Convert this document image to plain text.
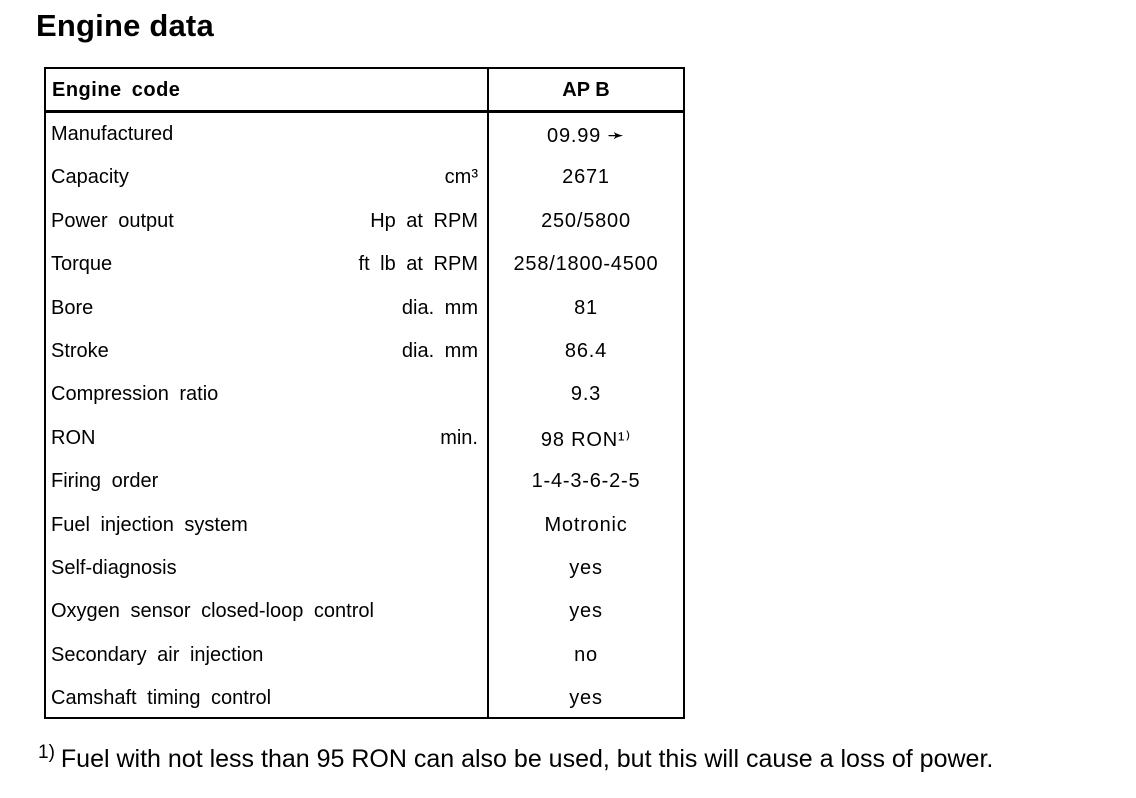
Engine data
Engine code	AP B
Manufactured	09.99 ➛
Capacity	cm³	2671
Power output	Hp at RPM	250/5800
Torque	ft lb at RPM	258/1800-4500
Bore	dia. mm	81
Stroke	dia. mm	86.4
Compression ratio	9.3
RON	min.	98 RON¹⁾
Firing order	1-4-3-6-2-5
Fuel injection system	Motronic
Self-diagnosis	yes
Oxygen sensor closed-loop control	yes
Secondary air injection	no
Camshaft timing control	yes
$^{1)}$ Fuel with not less than 95 RON can also be used, but this will cause a loss of power.
